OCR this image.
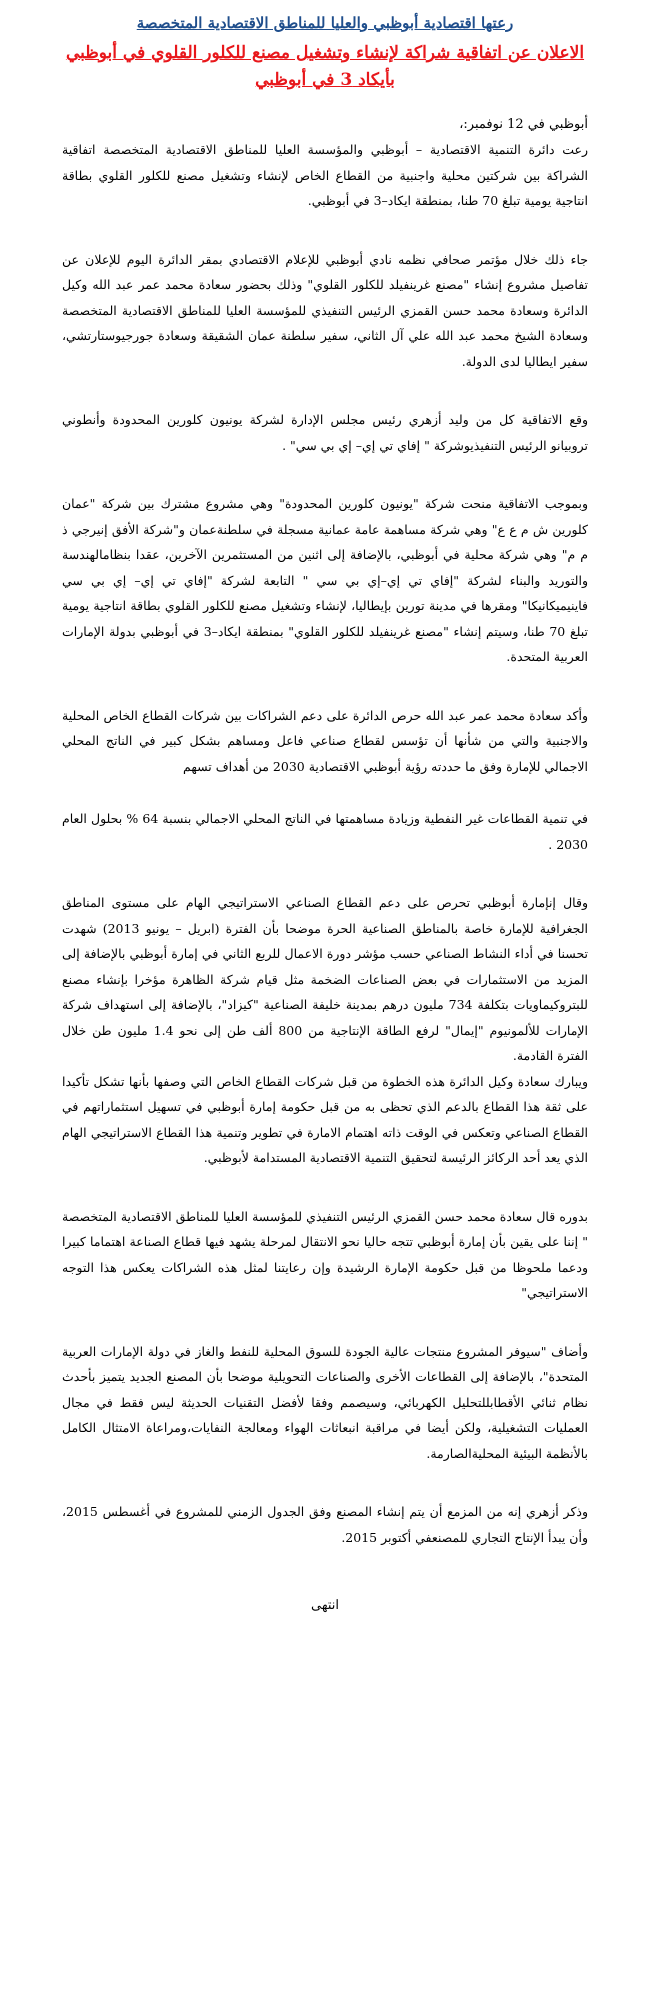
رعتها اقتصادية أبوظبي والعليا للمناطق الاقتصادية المتخصصة
الاعلان عن اتفاقية شراكة لإنشاء وتشغيل مصنع للكلور القلوي في أبوظبي بأيكاد 3 في أبوظبي
أبوظبي في 12 نوفمبر:،

رعت دائرة التنمية الاقتصادية – أبوظبي والمؤسسة العليا للمناطق الاقتصادية المتخصصة اتفاقية الشراكة بين شركتين محلية واجنبية من القطاع الخاص لإنشاء وتشغيل مصنع للكلور القلوي بطاقة انتاجية يومية تبلغ 70 طنا، بمنطقة ايكاد–3 في أبوظبي.

جاء ذلك خلال مؤتمر صحافي نظمه نادي أبوظبي للإعلام الاقتصادي بمقر الدائرة اليوم للإعلان عن تفاصيل مشروع إنشاء "مصنع غرينفيلد للكلور القلوي" وذلك بحضور سعادة محمد عمر عبد الله وكيل الدائرة وسعادة محمد حسن القمزي الرئيس التنفيذي للمؤسسة العليا للمناطق الاقتصادية المتخصصة وسعادة الشيخ محمد عبد الله علي آل الثاني، سفير سلطنة عمان الشقيقة وسعادة جورجيوستارتشي، سفير ايطاليا لدى الدولة.

وقع الاتفاقية كل من وليد أزهري رئيس مجلس الإدارة لشركة يونيون كلورين المحدودة وأنطوني تروبيانو الرئيس التنفيذيوشركة " إفاي تي إي– إي بي سي" .

وبموجب الاتفاقية منحت شركة "يونيون كلورين المحدودة" وهي مشروع مشترك بين شركة "عمان كلورين ش م ع ع" وهي شركة مساهمة عامة عمانية مسجلة في سلطنةعمان و"شركة الأفق إنيرجي ذ م م" وهي شركة محلية في أبوظبي، بالإضافة إلى اثنين من المستثمرين الآخرين، عقدا بنظامالهندسة والتوريد والبناء لشركة "إفاي تي إي–إي بي سي " التابعة لشركة "إفاي تي إي– إي بي سي فاينيميكانيكا" ومقرها في مدينة تورين بإيطاليا، لإنشاء وتشغيل مصنع للكلور القلوي بطاقة انتاجية يومية تبلغ 70 طنا، وسيتم إنشاء "مصنع غرينفيلد للكلور القلوي" بمنطقة ايكاد–3 في أبوظبي بدولة الإمارات العربية المتحدة.

وأكد سعادة محمد عمر عبد الله حرص الدائرة على دعم الشراكات بين شركات القطاع الخاص المحلية والاجنبية والتي من شأنها أن تؤسس لقطاع صناعي فاعل ومساهم بشكل كبير في الناتج المحلي الاجمالي للإمارة وفق ما حددته رؤية أبوظبي الاقتصادية 2030 من أهداف تسهم

في تنمية القطاعات غير النفطية وزيادة مساهمتها في الناتج المحلي الاجمالي بنسبة 64 % بحلول العام 2030 .

وقال إنإمارة أبوظبي تحرص على دعم القطاع الصناعي الاستراتيجي الهام على مستوى المناطق الجغرافية للإمارة خاصة بالمناطق الصناعية الحرة موضحا بأن الفترة (ابريل – يونيو 2013) شهدت تحسنا في أداء النشاط الصناعي حسب مؤشر دورة الاعمال للربع الثاني في إمارة أبوظبي بالإضافة إلى المزيد من الاستثمارات في بعض الصناعات الضخمة مثل قيام شركة الظاهرة مؤخرا بإنشاء مصنع للبتروكيماويات بتكلفة 734 مليون درهم بمدينة خليفة الصناعية "كيزاد"، بالإضافة إلى استهداف شركة الإمارات للألمونيوم "إيمال" لرفع الطاقة الإنتاجية من 800 ألف طن إلى نحو 1.4 مليون طن خلال الفترة القادمة.

ويبارك سعادة وكيل الدائرة هذه الخطوة من قبل شركات القطاع الخاص التي وصفها بأنها تشكل تأكيدا على ثقة هذا القطاع بالدعم الذي تحظى به من قبل حكومة إمارة أبوظبي في تسهيل استثماراتهم في القطاع الصناعي وتعكس في الوقت ذاته اهتمام الامارة في تطوير وتنمية هذا القطاع الاستراتيجي الهام الذي يعد أحد الركائز الرئيسة لتحقيق التنمية الاقتصادية المستدامة لأبوظبي.

بدوره قال سعادة محمد حسن القمزي الرئيس التنفيذي للمؤسسة العليا للمناطق الاقتصادية المتخصصة " إننا على يقين بأن إمارة أبوظبي تتجه حاليا نحو الانتقال لمرحلة يشهد فيها قطاع الصناعة اهتماما كبيرا ودعما ملحوظا من قبل حكومة الإمارة الرشيدة وإن رعايتنا لمثل هذه الشراكات يعكس هذا التوجه الاستراتيجي"

وأضاف "سيوفر المشروع منتجات عالية الجودة للسوق المحلية للنفط والغاز في دولة الإمارات العربية المتحدة"، بالإضافة إلى القطاعات الأخرى والصناعات التحويلية موضحا بأن المصنع الجديد يتميز بأحدث نظام ثنائي الأقطابللتحليل الكهربائي، وسيصمم وفقا لأفضل التقنيات الحديثة ليس فقط في مجال العمليات التشغيلية، ولكن أيضا في مراقبة انبعاثات الهواء ومعالجة النفايات،ومراعاة الامتثال الكامل بالأنظمة البيئية المحليةالصارمة.

وذكر أزهري إنه من المزمع أن يتم إنشاء المصنع وفق الجدول الزمني للمشروع في أغسطس 2015، وأن يبدأ الإنتاج التجاري للمصنعفي أكتوبر 2015.

انتهى
